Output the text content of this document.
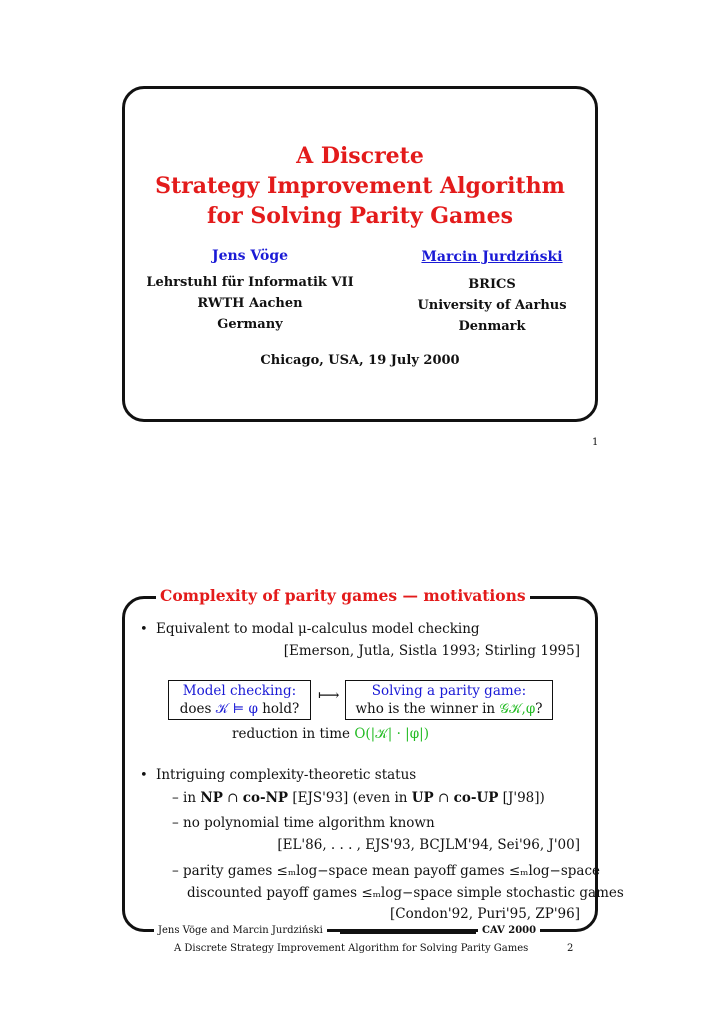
A Discrete
Strategy Improvement Algorithm
for Solving Parity Games
Jens Vöge	Marcin Jurdziński
Lehrstuhl für Informatik VII
RWTH Aachen
Germany
BRICS
University of Aarhus
Denmark
Chicago, USA, 19 July 2000
1
Complexity of parity games — motivations
• Equivalent to modal μ-calculus model checking
[Emerson, Jutla, Sistla 1993; Stirling 1995]
Model checking:
does 𝒦 ⊨ φ hold?
⟼	Solving a parity game:
who is the winner in 𝒢𝒦,φ?
reduction in time O(|𝒦| · |φ|)
• Intriguing complexity-theoretic status
– in NP ∩ co-NP [EJS'93] (even in UP ∩ co-UP [J'98])
– no polynomial time algorithm known
[EL'86, . . . , EJS'93, BCJLM'94, Sei'96, J'00]
– parity games ≤ₘlog−space mean payoff games ≤ₘlog−space
discounted payoff games ≤ₘlog−space simple stochastic games
[Condon'92, Puri'95, ZP'96]
Jens Vöge and Marcin Jurdziński	CAV 2000
A Discrete Strategy Improvement Algorithm for Solving Parity Games	2
